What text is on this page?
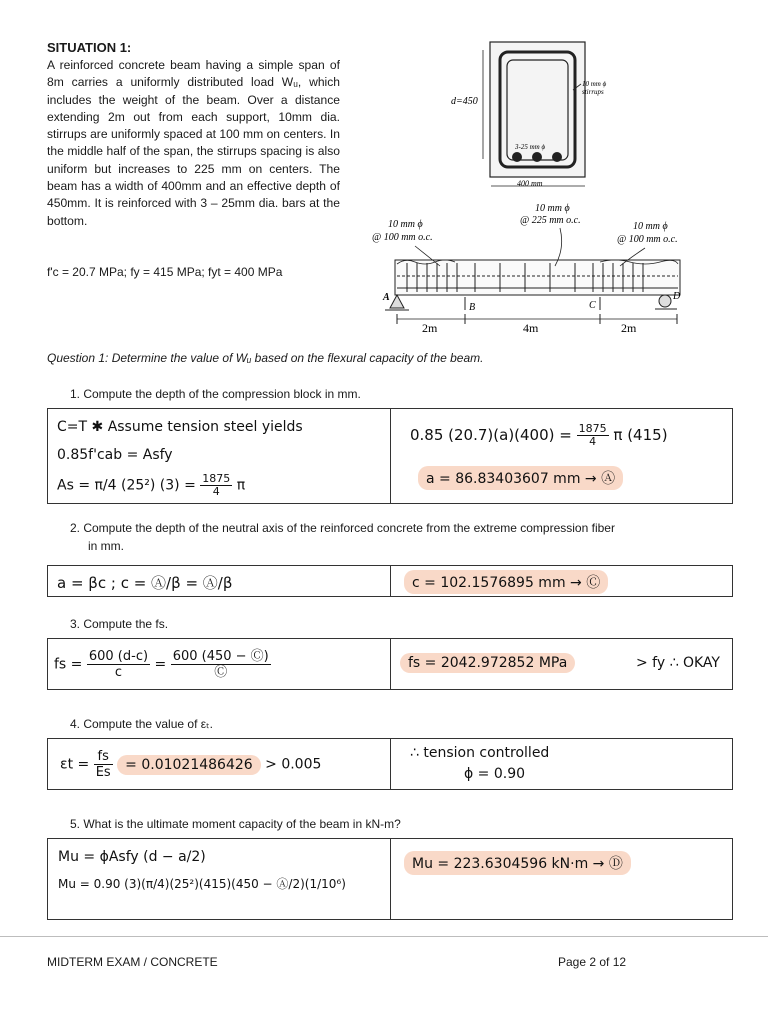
SITUATION 1:
A reinforced concrete beam having a simple span of 8m carries a uniformly distributed load Wᵤ, which includes the weight of the beam. Over a distance extending 2m out from each support, 10mm dia. stirrups are uniformly spaced at 100 mm on centers. In the middle half of the span, the stirrups spacing is also uniform but increases to 225 mm on centers. The beam has a width of 400mm and an effective depth of 450mm. It is reinforced with 3 – 25mm dia. bars at the bottom.
f'c = 20.7 MPa; fy = 415 MPa; fyt = 400 MPa
d=450
10 mm ϕ
stirrups
3-25 mm ϕ
400 mm
10 mm ϕ
@ 100 mm o.c.
10 mm ϕ
@ 225 mm o.c.
10 mm ϕ
@ 100 mm o.c.
A
B	C
D
2m	4m	2m
Question 1: Determine the value of Wᵤ based on the flexural capacity of the beam.
1. Compute the depth of the compression block in mm.
C=T ✱ Assume tension steel yields
0.85f'cab = Asfy
As = π/4 (25²) $(3) = \frac{1875}{4}$ π
0.85 $(20.7)(a)(400) = \frac{1875}{4}$ π (415)
a = 86.83403607 mm → Ⓐ
2. Compute the depth of the neutral axis of the reinforced concrete from the extreme compression fiber
in mm.
a = βc ; c = Ⓐ/β = Ⓐ/β	c = 102.1576895 mm → Ⓒ
3. Compute the fs.
fs = $\frac{600 (d-c)}{c} = \frac{600 (450 - Ⓒ)}{Ⓒ}$	fs = 2042.972852 MPa	> fy ∴ OKAY
4. Compute the value of εₜ.
$\varepsilon t = \frac{fs}{Es} = 0.01021486426 > 0.005$
∴ tension controlled
ϕ = 0.90
5. What is the ultimate moment capacity of the beam in kN-m?
Mu = ϕAsfy (d − a/2)
Mu = 0.90 (3)(π/4)(25²)(415)(450 − Ⓐ/2)(1/10⁶)
Mu = 223.6304596 kN·m → Ⓓ
MIDTERM EXAM / CONCRETE	Page 2 of 12
